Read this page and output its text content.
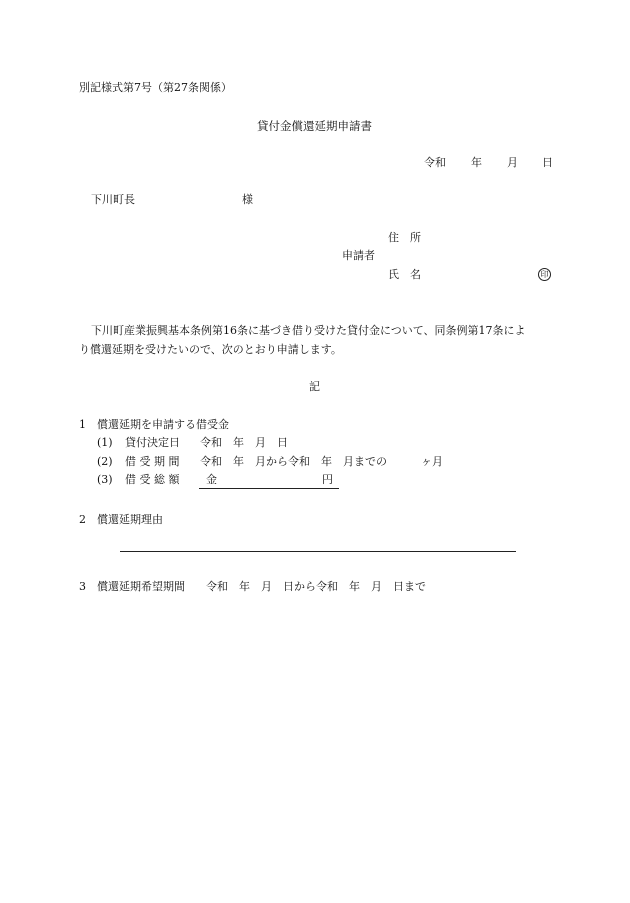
別記様式第7号（第27条関係）
貸付金償還延期申請書
令和 年 月 日
下川町長	様
住　所
申請者
氏　名	印
下川町産業振興基本条例第16条に基づき借り受けた貸付金について、同条例第17条によ
り償還延期を受けたいので、次のとおり申請します。
記
1　償還延期を申請する借受金
(1) 貸付決定日 令和　年　月　日
(2) 借 受 期 間 令和　年　月から令和　年　月までの	ヶ月
(3) 借 受 総 額 金	円
2　償還延期理由
3　償還延期希望期間 令和　年　月　日から令和　年　月　日まで
